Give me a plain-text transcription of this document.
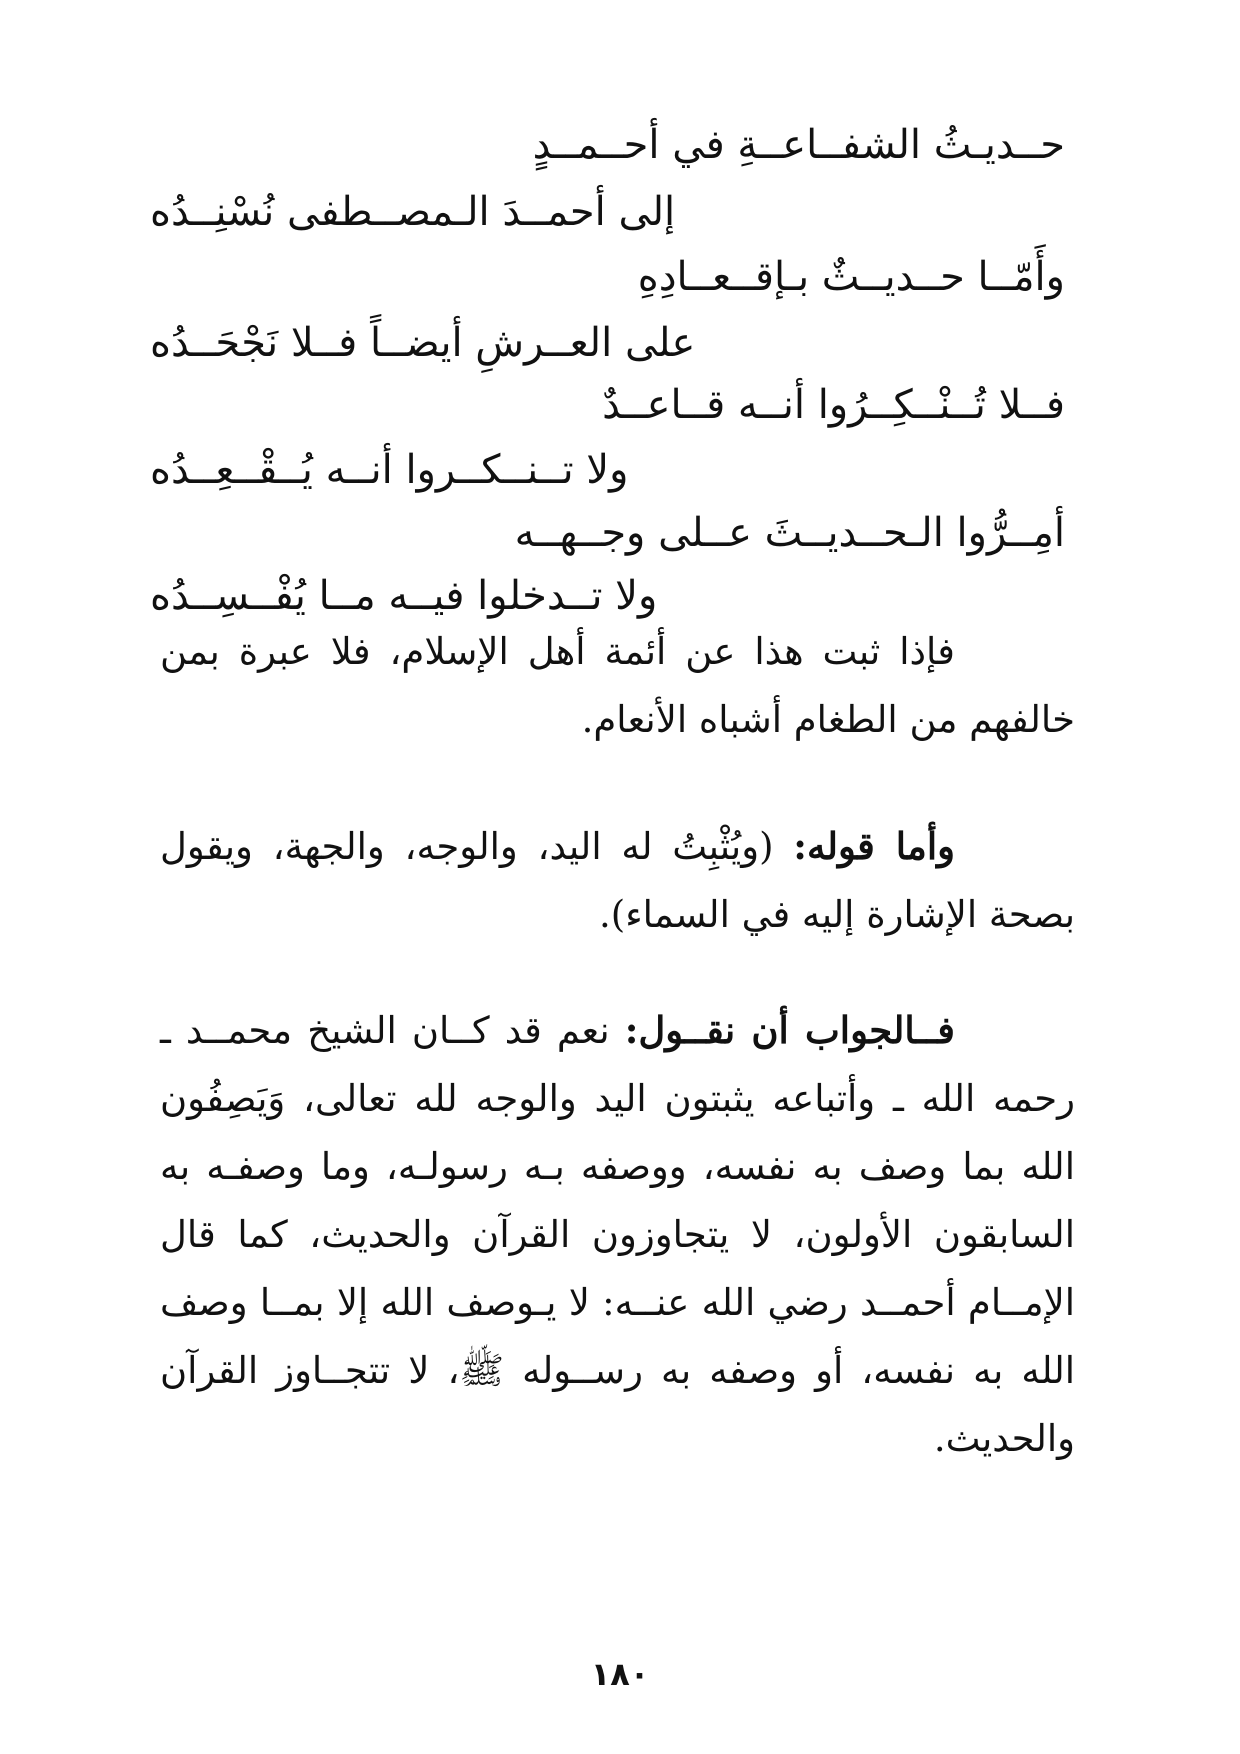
حــديـثُ الشفــاعــةِ في أحــمــدٍ
إلى أحمــدَ الـمصــطفى نُسْنِــدُه
وأَمّــا حــديــثٌ بـإقــعــادِهِ
على العــرشِ أيضــاً فــلا نَجْحَــدُه
فــلا تُــنْــكِــرُوا أنــه قــاعــدٌ
ولا تــنــكــروا أنــه يُــقْــعِــدُه
أمِــرُّوا الـحــديــثَ عــلى وجــهــه
ولا تــدخلوا فيــه مــا يُفْــسِــدُه

فإذا ثبت هذا عن أئمة أهل الإسلام، فلا عبرة بمن خالفهم من الطغام أشباه الأنعام.

وأما قوله: (ويُثْبِتُ له اليد، والوجه، والجهة، ويقول بصحة الإشارة إليه في السماء).

فــالجواب أن نقــول: نعم قد كــان الشيخ محمــد ـ رحمه الله ـ وأتباعه يثبتون اليد والوجه لله تعالى، وَيَصِفُون الله بما وصف به نفسه، ووصفه بـه رسولـه، وما وصفـه به السابقون الأولون، لا يتجاوزون القرآن والحديث، كما قال الإمــام أحمــد رضي الله عنــه: لا يـوصف الله إلا بمــا وصف الله به نفسه، أو وصفه به رســوله ﷺ، لا تتجــاوز القرآن والحديث.

١٨٠
